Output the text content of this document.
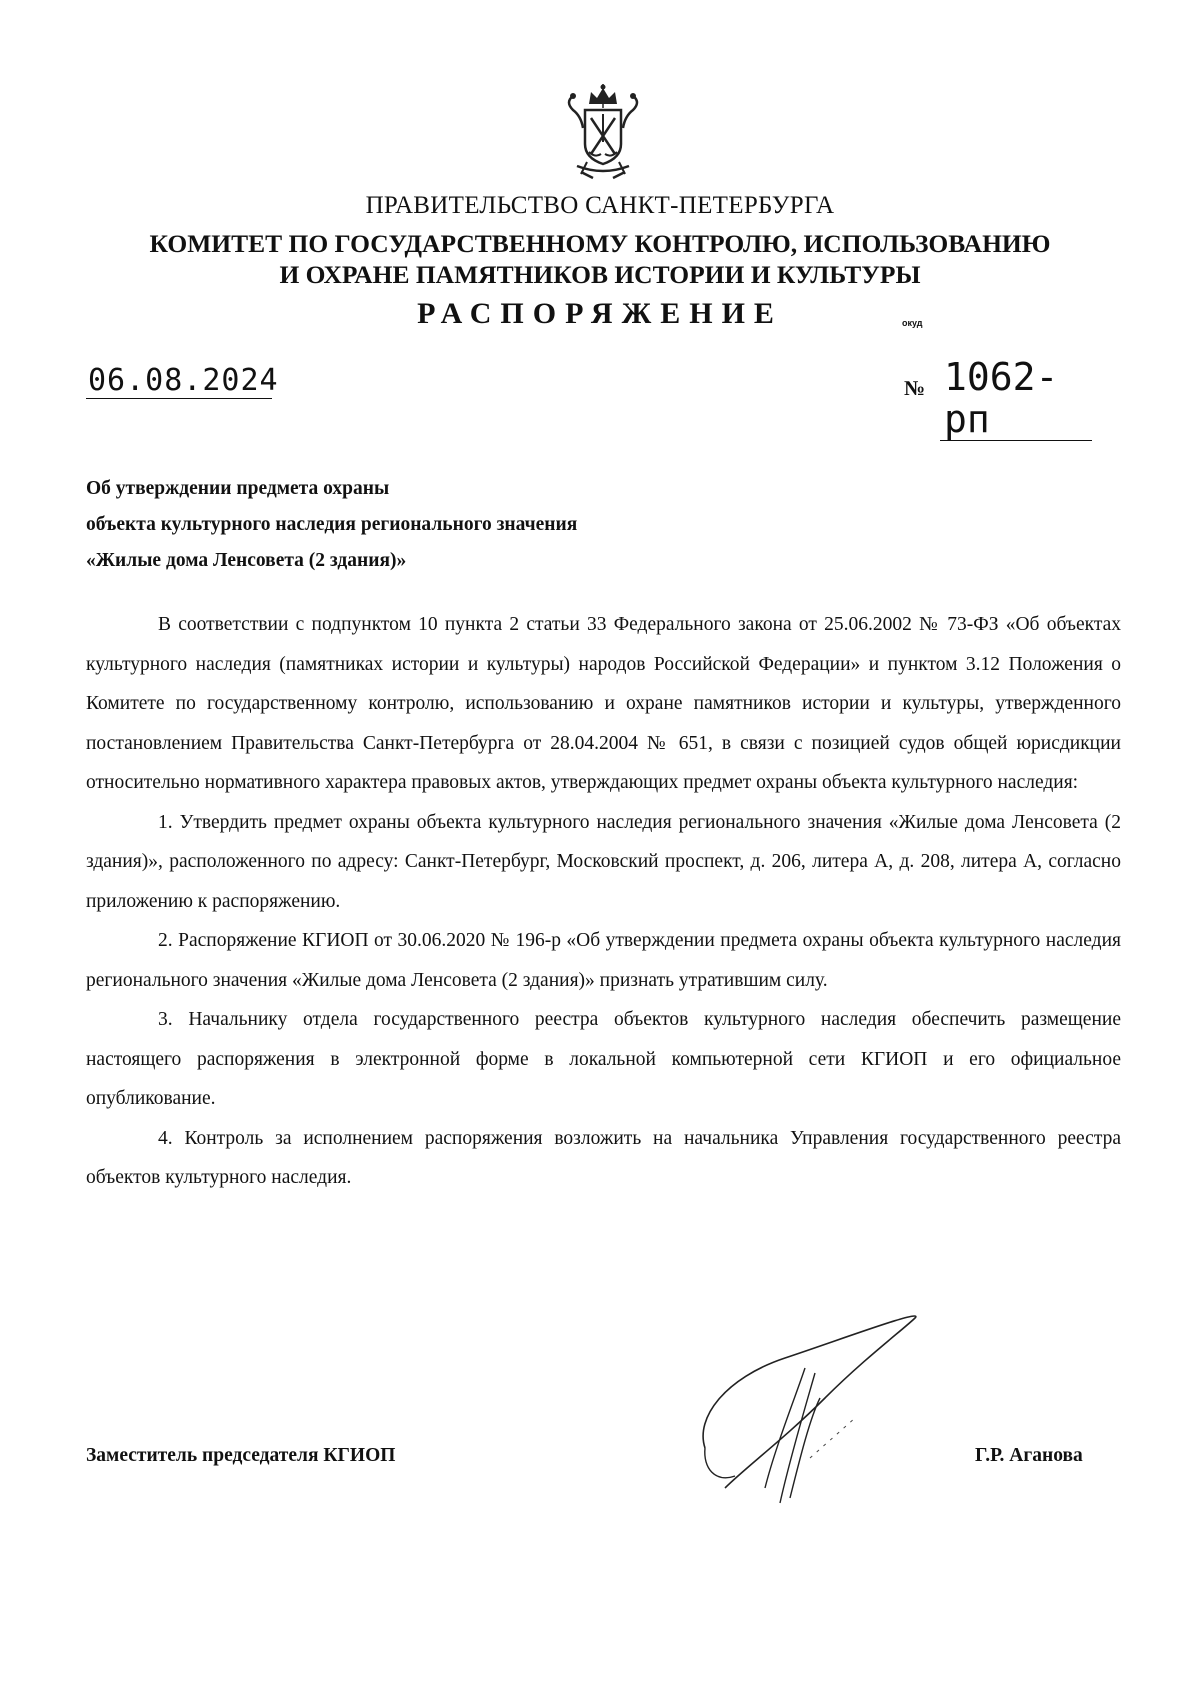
ПРАВИТЕЛЬСТВО САНКТ-ПЕТЕРБУРГА
КОМИТЕТ ПО ГОСУДАРСТВЕННОМУ КОНТРОЛЮ, ИСПОЛЬЗОВАНИЮ
И ОХРАНЕ ПАМЯТНИКОВ ИСТОРИИ И КУЛЬТУРЫ
РАСПОРЯЖЕНИЕ	окуд
06.08.2024	№ 1062-рп
Об утверждении предмета охраны
объекта культурного наследия регионального значения
«Жилые дома Ленсовета (2 здания)»

В соответствии с подпунктом 10 пункта 2 статьи 33 Федерального закона от 25.06.2002 № 73-ФЗ «Об объектах культурного наследия (памятниках истории и культуры) народов Российской Федерации» и пунктом 3.12 Положения о Комитете по государственному контролю, использованию и охране памятников истории и культуры, утвержденного постановлением Правительства Санкт-Петербурга от 28.04.2004 № 651, в связи с позицией судов общей юрисдикции относительно нормативного характера правовых актов, утверждающих предмет охраны объекта культурного наследия:

1. Утвердить предмет охраны объекта культурного наследия регионального значения «Жилые дома Ленсовета (2 здания)», расположенного по адресу: Санкт-Петербург, Московский проспект, д. 206, литера А, д. 208, литера А, согласно приложению к распоряжению.

2. Распоряжение КГИОП от 30.06.2020 № 196-р «Об утверждении предмета охраны объекта культурного наследия регионального значения «Жилые дома Ленсовета (2 здания)» признать утратившим силу.

3. Начальнику отдела государственного реестра объектов культурного наследия обеспечить размещение настоящего распоряжения в электронной форме в локальной компьютерной сети КГИОП и его официальное опубликование.

4. Контроль за исполнением распоряжения возложить на начальника Управления государственного реестра объектов культурного наследия.

Заместитель председателя КГИОП	Г.Р. Аганова
